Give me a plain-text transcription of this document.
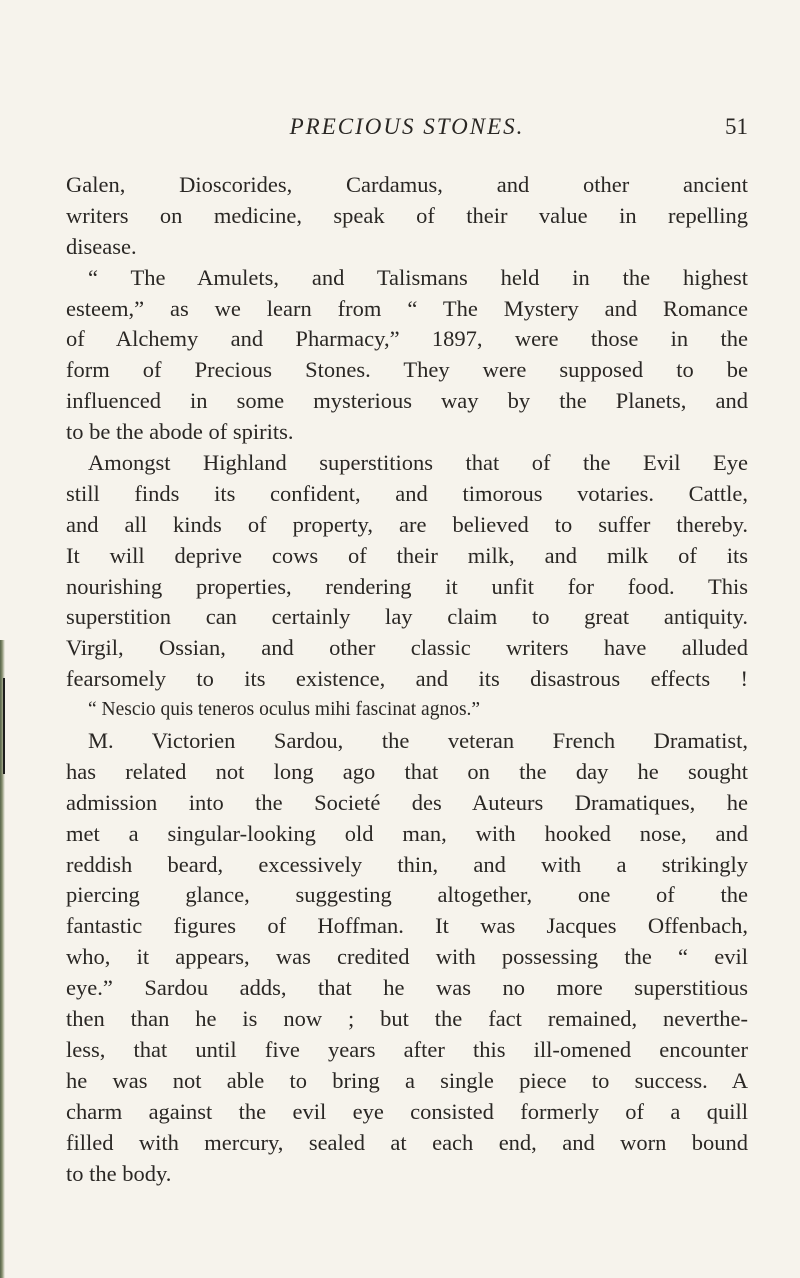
PRECIOUS STONES.	51
Galen, Dioscorides, Cardamus, and other ancient
writers on medicine, speak of their value in repelling
disease.
“ The Amulets, and Talismans held in the highest
esteem,” as we learn from “ The Mystery and Romance
of Alchemy and Pharmacy,” 1897, were those in the
form of Precious Stones. They were supposed to be
influenced in some mysterious way by the Planets, and
to be the abode of spirits.
Amongst Highland superstitions that of the Evil Eye
still finds its confident, and timorous votaries. Cattle,
and all kinds of property, are believed to suffer thereby.
It will deprive cows of their milk, and milk of its
nourishing properties, rendering it unfit for food. This
superstition can certainly lay claim to great antiquity.
Virgil, Ossian, and other classic writers have alluded
fearsomely to its existence, and its disastrous effects !
“ Nescio quis teneros oculus mihi fascinat agnos.”
M. Victorien Sardou, the veteran French Dramatist,
has related not long ago that on the day he sought
admission into the Societé des Auteurs Dramatiques, he
met a singular-looking old man, with hooked nose, and
reddish beard, excessively thin, and with a strikingly
piercing glance, suggesting altogether, one of the
fantastic figures of Hoffman. It was Jacques Offenbach,
who, it appears, was credited with possessing the “ evil
eye.” Sardou adds, that he was no more superstitious
then than he is now ; but the fact remained, neverthe-
less, that until five years after this ill-omened encounter
he was not able to bring a single piece to success. A
charm against the evil eye consisted formerly of a quill
filled with mercury, sealed at each end, and worn bound
to the body.
